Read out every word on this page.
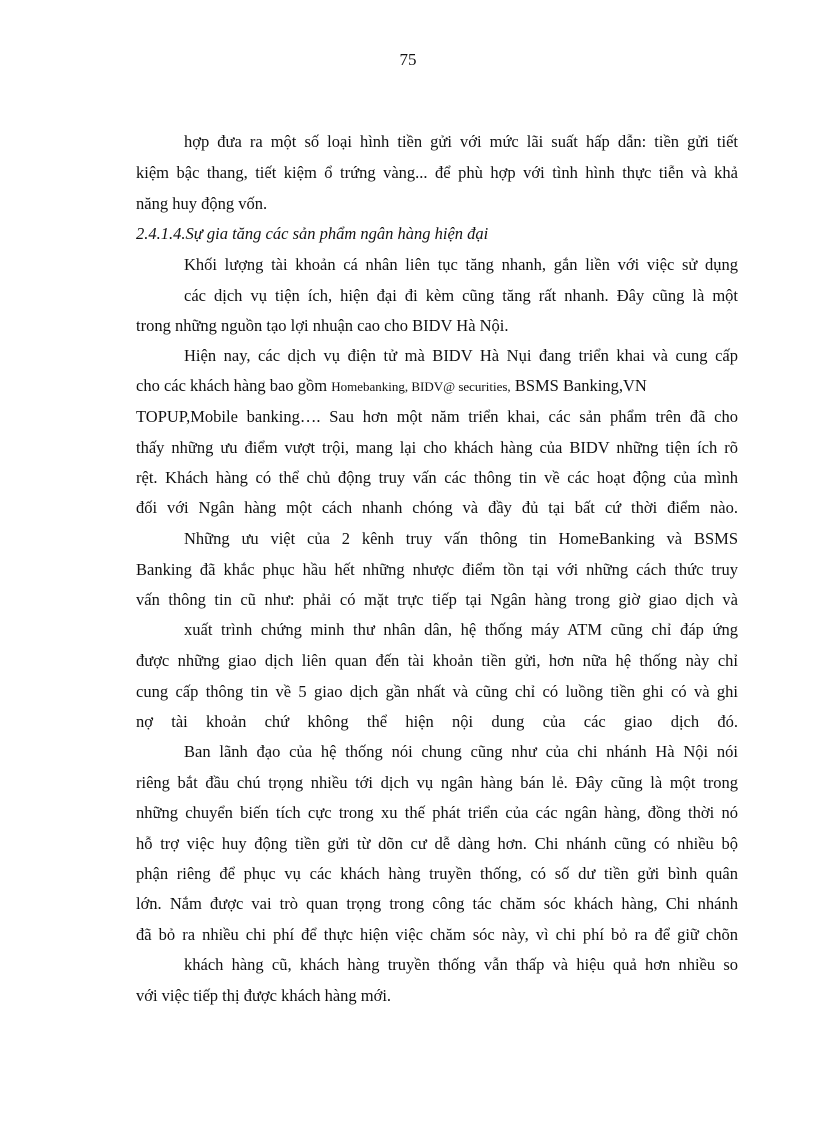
75
hợp đưa ra một số loại hình tiền gửi với mức lãi suất hấp dẫn: tiền gửi tiết
kiệm bậc thang, tiết kiệm ổ trứng vàng... để phù hợp với tình hình thực tiễn và khả
năng huy động vốn.
2.4.1.4.Sự gia tăng các sản phẩm ngân hàng hiện đại
Khối lượng tài khoản cá nhân liên tục tăng nhanh, gắn liền với việc sử dụng
các dịch vụ tiện ích, hiện đại đi kèm cũng tăng rất nhanh. Đây cũng là một
trong những nguồn tạo lợi nhuận cao cho BIDV Hà Nội.
Hiện nay, các dịch vụ điện tử mà BIDV Hà Nụi đang triển khai và cung cấp
cho các khách hàng bao gồm Homebanking, BIDV@ securities, BSMS Banking,VN
TOPUP,Mobile banking…. Sau hơn một năm triển khai, các sản phẩm trên đã cho
thấy những ưu điểm vượt trội, mang lại cho khách hàng của BIDV những tiện ích rõ
rệt. Khách hàng có thể chủ động truy vấn các thông tin về các hoạt động của mình
đối với Ngân hàng một cách nhanh chóng và đầy đủ tại bất cứ thời điểm nào.
Những ưu việt của 2 kênh truy vấn thông tin HomeBanking và BSMS
Banking đã khắc phục hầu hết những nhược điểm tồn tại với những cách thức truy
vấn thông tin cũ như: phải có mặt trực tiếp tại Ngân hàng trong giờ giao dịch và
xuất trình chứng minh thư nhân dân, hệ thống máy ATM cũng chỉ đáp ứng
được những giao dịch liên quan đến tài khoản tiền gửi, hơn nữa hệ thống này chỉ
cung cấp thông tin về 5 giao dịch gần nhất và cũng chỉ có luồng tiền ghi có và ghi
nợ tài khoản chứ không thể hiện nội dung của các giao dịch đó.
Ban lãnh đạo của hệ thống nói chung cũng như của chi nhánh Hà Nội nói
riêng bắt đầu chú trọng nhiều tới dịch vụ ngân hàng bán lẻ. Đây cũng là một trong
những chuyển biến tích cực trong xu thế phát triển của các ngân hàng, đồng thời nó
hỗ trợ việc huy động tiền gửi từ dõn cư dễ dàng hơn. Chi nhánh cũng có nhiều bộ
phận riêng để phục vụ các khách hàng truyền thống, có số dư tiền gửi bình quân
lớn. Nắm được vai trò quan trọng trong công tác chăm sóc khách hàng, Chi nhánh
đã bỏ ra nhiều chi phí để thực hiện việc chăm sóc này, vì chi phí bỏ ra để giữ chõn
khách hàng cũ, khách hàng truyền thống vẫn thấp và hiệu quả hơn nhiều so
với việc tiếp thị được khách hàng mới.
